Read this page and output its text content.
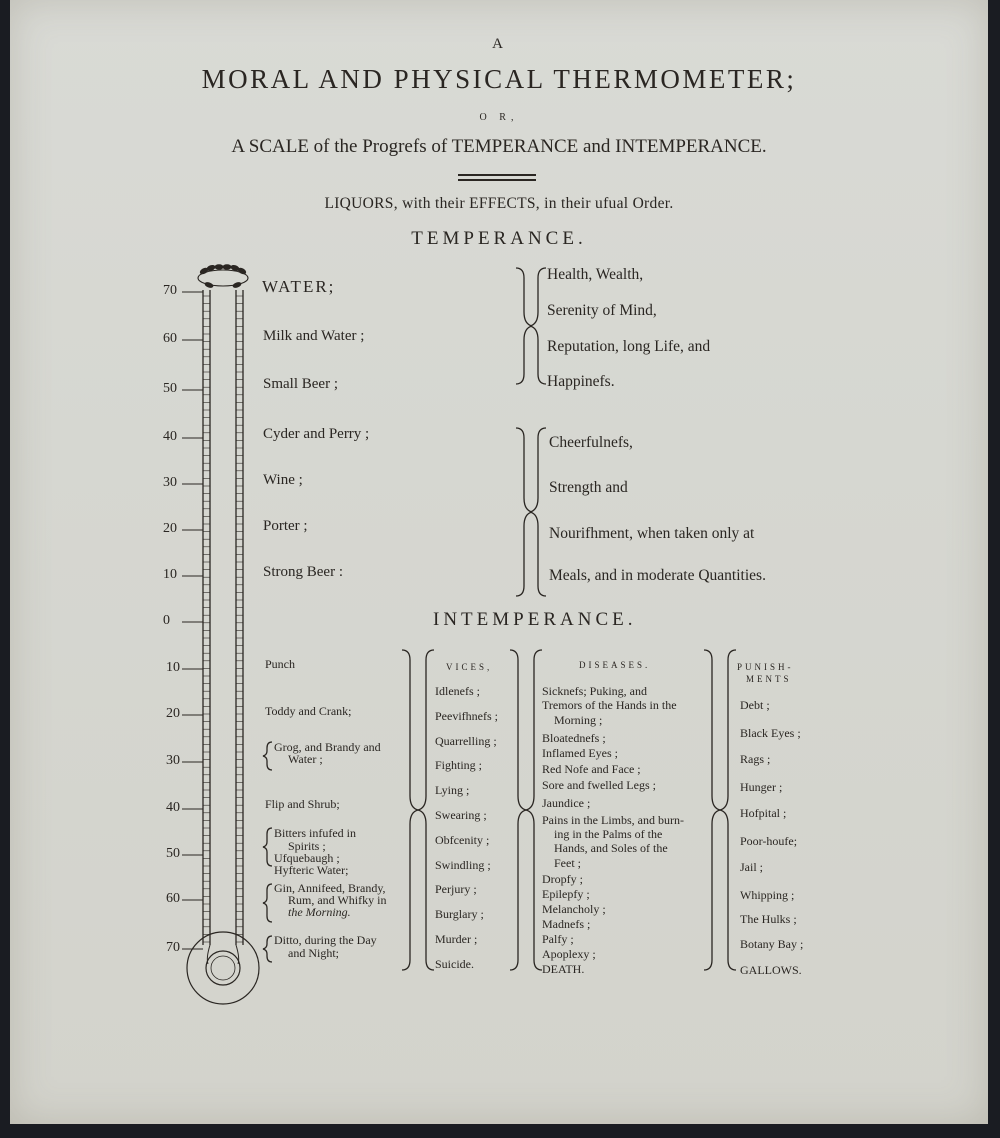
A
MORAL AND PHYSICAL THERMOMETER;
O R,
A SCALE of the Progrefs of TEMPERANCE and INTEMPERANCE.
LIQUORS, with their EFFECTS, in their ufual Order.
TEMPERANCE.
INTEMPERANCE.
70
60
50
40
30
20
10
0
10
20
30
40
50
60
70
WATER;
Milk and Water ;
Small Beer ;
Cyder and Perry ;
Wine ;
Porter ;
Strong Beer :
Health, Wealth,
Serenity of Mind,
Reputation, long Life, and
Happinefs.
Cheerfulnefs,
Strength and
Nourifhment, when taken only at
Meals, and in moderate Quantities.
Punch
Toddy and Crank;
Grog, and Brandy and
Water ;
Flip and Shrub;
Bitters infufed in
Spirits ;
Ufquebaugh ;
Hyfteric Water;
Gin, Annifeed, Brandy,
Rum, and Whifky in
the Morning.
Ditto, during the Day
and Night;
VICES,
Idlenefs ;
Peevifhnefs ;
Quarrelling ;
Fighting ;
Lying ;
Swearing ;
Obfcenity ;
Swindling ;
Perjury ;
Burglary ;
Murder ;
Suicide.
DISEASES.
Sicknefs; Puking, and
Tremors of the Hands in the
Morning ;
Bloatednefs ;
Inflamed Eyes ;
Red Nofe and Face ;
Sore and fwelled Legs ;
Jaundice ;
Pains in the Limbs, and burn-
ing in the Palms of the
Hands, and Soles of the
Feet ;
Dropfy ;
Epilepfy ;
Melancholy ;
Madnefs ;
Palfy ;
Apoplexy ;
DEATH.
PUNISH-
MENTS
Debt ;
Black Eyes ;
Rags ;
Hunger ;
Hofpital ;
Poor-houfe;
Jail ;
Whipping ;
The Hulks ;
Botany Bay ;
GALLOWS.
